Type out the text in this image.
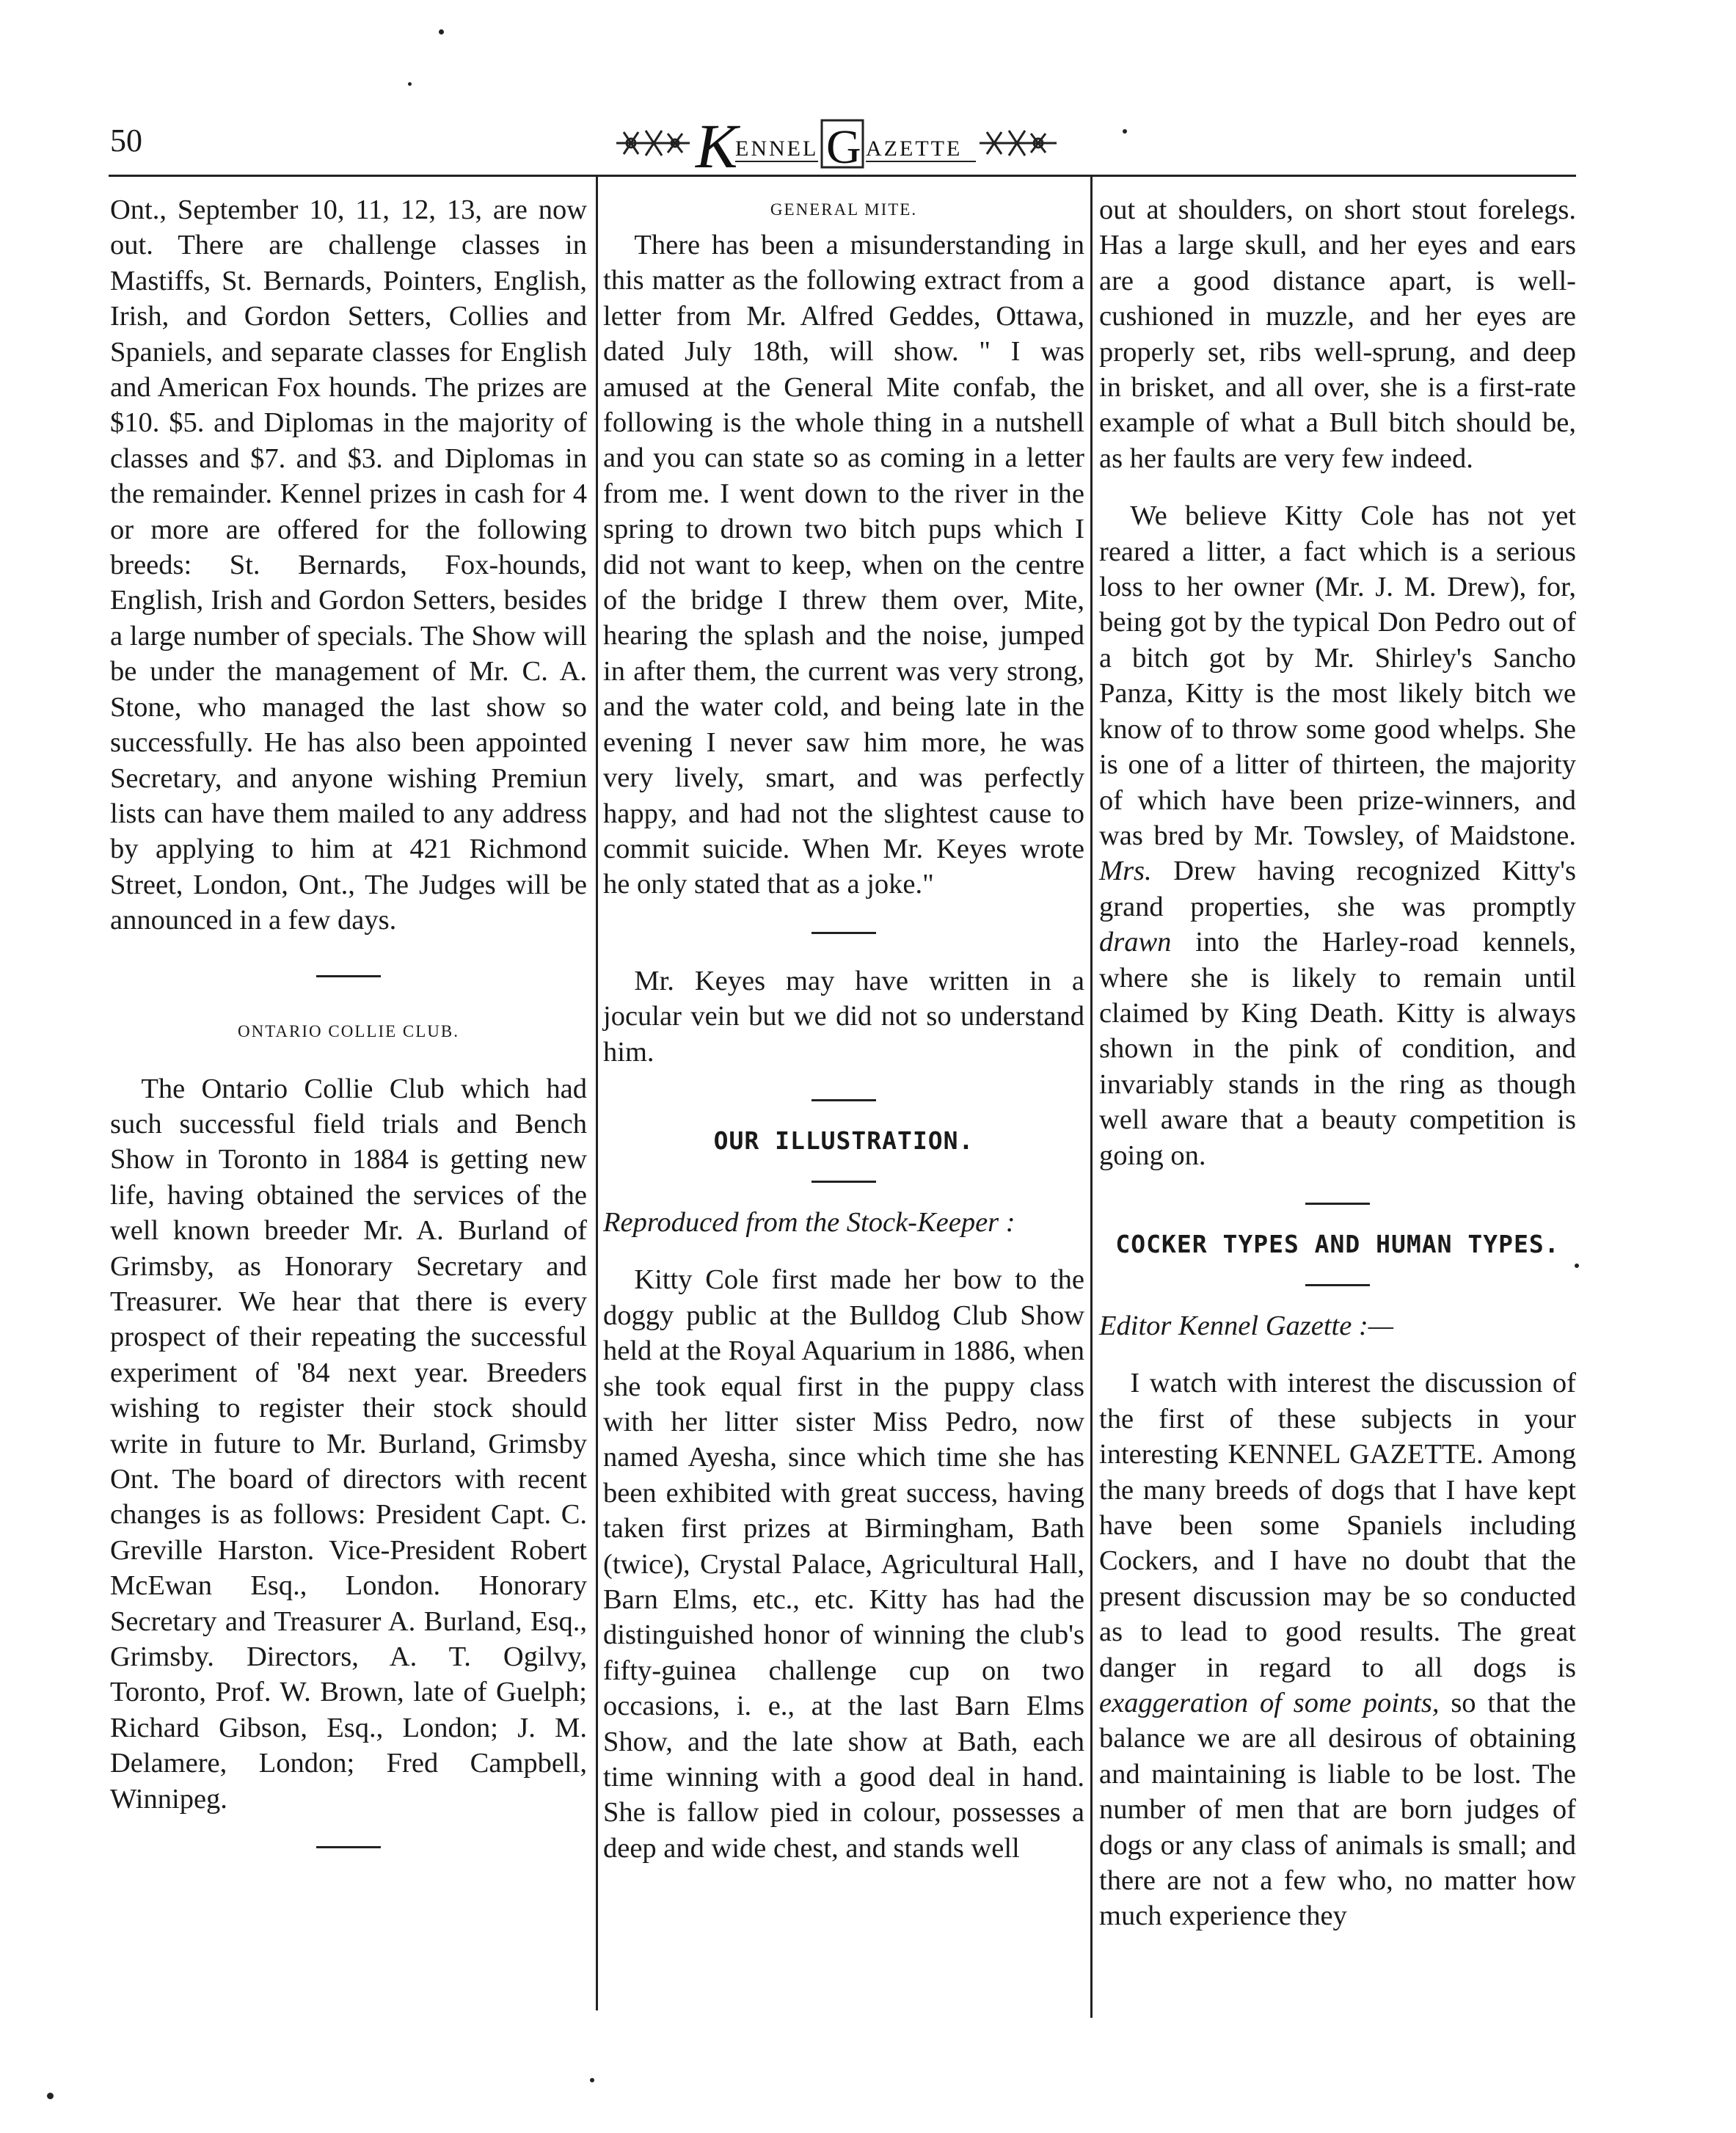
50	K
ENNEL G AZETTE

Ont., September 10, 11, 12, 13, are now out. There are challenge classes in Mastiffs, St. Bernards, Pointers, English, Irish, and Gordon Setters, Collies and Spaniels, and separate classes for English and American Fox hounds. The prizes are $10. $5. and Diplomas in the majority of classes and $7. and $3. and Diplomas in the remainder. Kennel prizes in cash for 4 or more are offered for the following breeds: St. Bernards, Fox-hounds, English, Irish and Gordon Setters, besides a large number of specials. The Show will be under the management of Mr. C. A. Stone, who managed the last show so successfully. He has also been appointed Secretary, and anyone wishing Premiun lists can have them mailed to any address by applying to him at 421 Richmond Street, London, Ont., The Judges will be announced in a few days.

ONTARIO COLLIE CLUB.

The Ontario Collie Club which had such successful field trials and Bench Show in Toronto in 1884 is getting new life, having obtained the services of the well known breeder Mr. A. Burland of Grimsby, as Honorary Secretary and Treasurer. We hear that there is every prospect of their repeating the successful experiment of '84 next year. Breeders wishing to register their stock should write in future to Mr. Burland, Grimsby Ont. The board of directors with recent changes is as follows: President Capt. C. Greville Harston. Vice-President Robert McEwan Esq., London. Honorary Secretary and Treasurer A. Burland, Esq., Grimsby. Directors, A. T. Ogilvy, Toronto, Prof. W. Brown, late of Guelph; Richard Gibson, Esq., London; J. M. Delamere, London; Fred Campbell, Winnipeg.

GENERAL MITE.

There has been a misunderstanding in this matter as the following extract from a letter from Mr. Alfred Geddes, Ottawa, dated July 18th, will show. " I was amused at the General Mite confab, the following is the whole thing in a nutshell and you can state so as coming in a letter from me. I went down to the river in the spring to drown two bitch pups which I did not want to keep, when on the centre of the bridge I threw them over, Mite, hearing the splash and the noise, jumped in after them, the current was very strong, and the water cold, and being late in the evening I never saw him more, he was very lively, smart, and was perfectly happy, and had not the slightest cause to commit suicide. When Mr. Keyes wrote he only stated that as a joke."

Mr. Keyes may have written in a jocular vein but we did not so understand him.

OUR ILLUSTRATION.

Reproduced from the Stock-Keeper :

Kitty Cole first made her bow to the doggy public at the Bulldog Club Show held at the Royal Aquarium in 1886, when she took equal first in the puppy class with her litter sister Miss Pedro, now named Ayesha, since which time she has been exhibited with great success, having taken first prizes at Birmingham, Bath (twice), Crystal Palace, Agricultural Hall, Barn Elms, etc., etc. Kitty has had the distinguished honor of winning the club's fifty-guinea challenge cup on two occasions, i. e., at the last Barn Elms Show, and the late show at Bath, each time winning with a good deal in hand. She is fallow pied in colour, possesses a deep and wide chest, and stands well

out at shoulders, on short stout forelegs. Has a large skull, and her eyes and ears are a good distance apart, is well-cushioned in muzzle, and her eyes are properly set, ribs well-sprung, and deep in brisket, and all over, she is a first-rate example of what a Bull bitch should be, as her faults are very few indeed.

We believe Kitty Cole has not yet reared a litter, a fact which is a serious loss to her owner (Mr. J. M. Drew), for, being got by the typical Don Pedro out of a bitch got by Mr. Shirley's Sancho Panza, Kitty is the most likely bitch we know of to throw some good whelps. She is one of a litter of thirteen, the majority of which have been prize-winners, and was bred by Mr. Towsley, of Maidstone. Mrs. Drew having recognized Kitty's grand properties, she was promptly drawn into the Harley-road kennels, where she is likely to remain until claimed by King Death. Kitty is always shown in the pink of condition, and invariably stands in the ring as though well aware that a beauty competition is going on.

COCKER TYPES AND HUMAN TYPES.

Editor Kennel Gazette :—

I watch with interest the discussion of the first of these subjects in your interesting KENNEL GAZETTE. Among the many breeds of dogs that I have kept have been some Spaniels including Cockers, and I have no doubt that the present discussion may be so conducted as to lead to good results. The great danger in regard to all dogs is exaggeration of some points, so that the balance we are all desirous of obtaining and maintaining is liable to be lost. The number of men that are born judges of dogs or any class of animals is small; and there are not a few who, no matter how much experience they
